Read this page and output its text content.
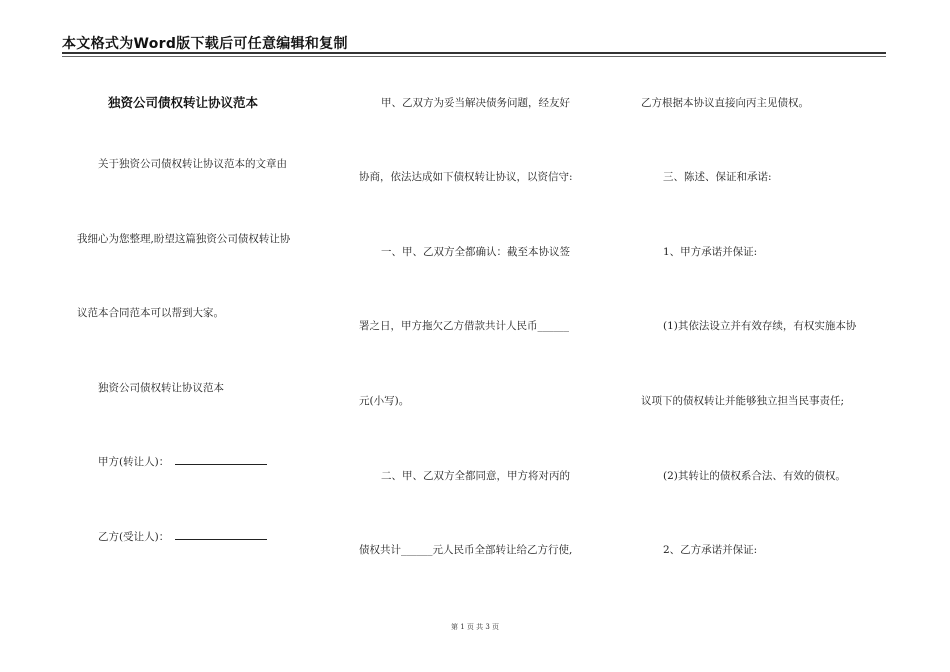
本文格式为Word版下载后可任意编辑和复制
独资公司债权转让协议范本
关于独资公司债权转让协议范本的文章由
我细心为您整理,盼望这篇独资公司债权转让协
议范本合同范本可以帮到大家。
独资公司债权转让协议范本
甲方(转让人)：
乙方(受让人)：
甲、乙双方为妥当解决债务问题，经友好
协商，依法达成如下债权转让协议，以资信守:
一、甲、乙双方全都确认：截至本协议签
署之日，甲方拖欠乙方借款共计人民币______
元(小写)。
二、甲、乙双方全都同意，甲方将对丙的
债权共计______元人民币全部转让给乙方行使,
乙方根据本协议直接向丙主见债权。
三、陈述、保证和承诺:
1、甲方承诺并保证:
(1)其依法设立并有效存续，有权实施本协
议项下的债权转让并能够独立担当民事责任;
(2)其转让的债权系合法、有效的债权。
2、乙方承诺并保证:
第 1 页 共 3 页
